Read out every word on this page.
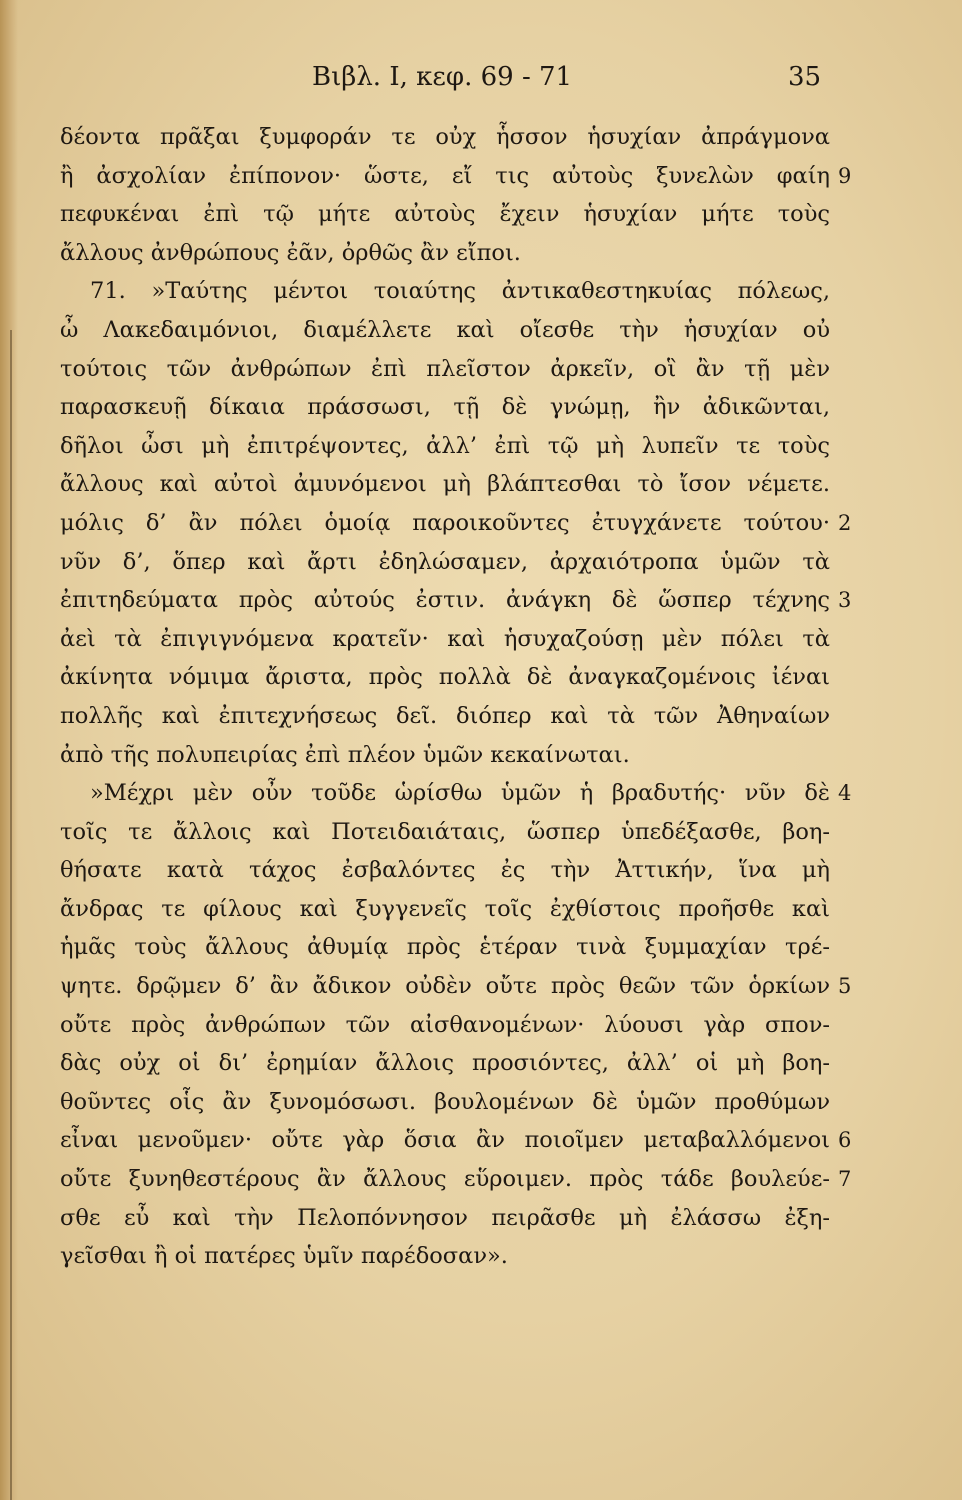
Βιβλ. Ι, κεφ. 69 - 71	35
δέοντα πρᾶξαι ξυμφοράν τε οὐχ ἧσσον ἡσυχίαν ἀπράγμονα
ἢ ἀσχολίαν ἐπίπονον· ὥστε, εἴ τις αὐτοὺς ξυνελὼν φαίη 9
πεφυκέναι ἐπὶ τῷ μήτε αὐτοὺς ἔχειν ἡσυχίαν μήτε τοὺς
ἄλλους ἀνθρώπους ἐᾶν, ὀρθῶς ἂν εἴποι.
71. »Ταύτης μέντοι τοιαύτης ἀντικαθεστηκυίας πόλεως,
ὦ Λακεδαιμόνιοι, διαμέλλετε καὶ οἴεσθε τὴν ἡσυχίαν οὐ
τούτοις τῶν ἀνθρώπων ἐπὶ πλεῖστον ἀρκεῖν, οἳ ἂν τῇ μὲν
παρασκευῇ δίκαια πράσσωσι, τῇ δὲ γνώμῃ, ἢν ἀδικῶνται,
δῆλοι ὦσι μὴ ἐπιτρέψοντες, ἀλλ’ ἐπὶ τῷ μὴ λυπεῖν τε τοὺς
ἄλλους καὶ αὐτοὶ ἀμυνόμενοι μὴ βλάπτεσθαι τὸ ἴσον νέμετε.
μόλις δ’ ἂν πόλει ὁμοίᾳ παροικοῦντες ἐτυγχάνετε τούτου· 2
νῦν δ’, ὅπερ καὶ ἄρτι ἐδηλώσαμεν, ἀρχαιότροπα ὑμῶν τὰ
ἐπιτηδεύματα πρὸς αὐτούς ἐστιν. ἀνάγκη δὲ ὥσπερ τέχνης 3
ἀεὶ τὰ ἐπιγιγνόμενα κρατεῖν· καὶ ἡσυχαζούσῃ μὲν πόλει τὰ
ἀκίνητα νόμιμα ἄριστα, πρὸς πολλὰ δὲ ἀναγκαζομένοις ἰέναι
πολλῆς καὶ ἐπιτεχνήσεως δεῖ. διόπερ καὶ τὰ τῶν Ἀθηναίων
ἀπὸ τῆς πολυπειρίας ἐπὶ πλέον ὑμῶν κεκαίνωται.
»Μέχρι μὲν οὖν τοῦδε ὡρίσθω ὑμῶν ἡ βραδυτής· νῦν δὲ 4
τοῖς τε ἄλλοις καὶ Ποτειδαιάταις, ὥσπερ ὑπεδέξασθε, βοη-
θήσατε κατὰ τάχος ἐσβαλόντες ἐς τὴν Ἀττικήν, ἵνα μὴ
ἄνδρας τε φίλους καὶ ξυγγενεῖς τοῖς ἐχθίστοις προῆσθε καὶ
ἡμᾶς τοὺς ἄλλους ἀθυμίᾳ πρὸς ἑτέραν τινὰ ξυμμαχίαν τρέ-
ψητε. δρῷμεν δ’ ἂν ἄδικον οὐδὲν οὔτε πρὸς θεῶν τῶν ὁρκίων 5
οὔτε πρὸς ἀνθρώπων τῶν αἰσθανομένων· λύουσι γὰρ σπον-
δὰς οὐχ οἱ δι’ ἐρημίαν ἄλλοις προσιόντες, ἀλλ’ οἱ μὴ βοη-
θοῦντες οἷς ἂν ξυνομόσωσι. βουλομένων δὲ ὑμῶν προθύμων
εἶναι μενοῦμεν· οὔτε γὰρ ὅσια ἂν ποιοῖμεν μεταβαλλόμενοι 6
οὔτε ξυνηθεστέρους ἂν ἄλλους εὕροιμεν. πρὸς τάδε βουλεύε- 7
σθε εὖ καὶ τὴν Πελοπόννησον πειρᾶσθε μὴ ἐλάσσω ἐξη-
γεῖσθαι ἢ οἱ πατέρες ὑμῖν παρέδοσαν».
